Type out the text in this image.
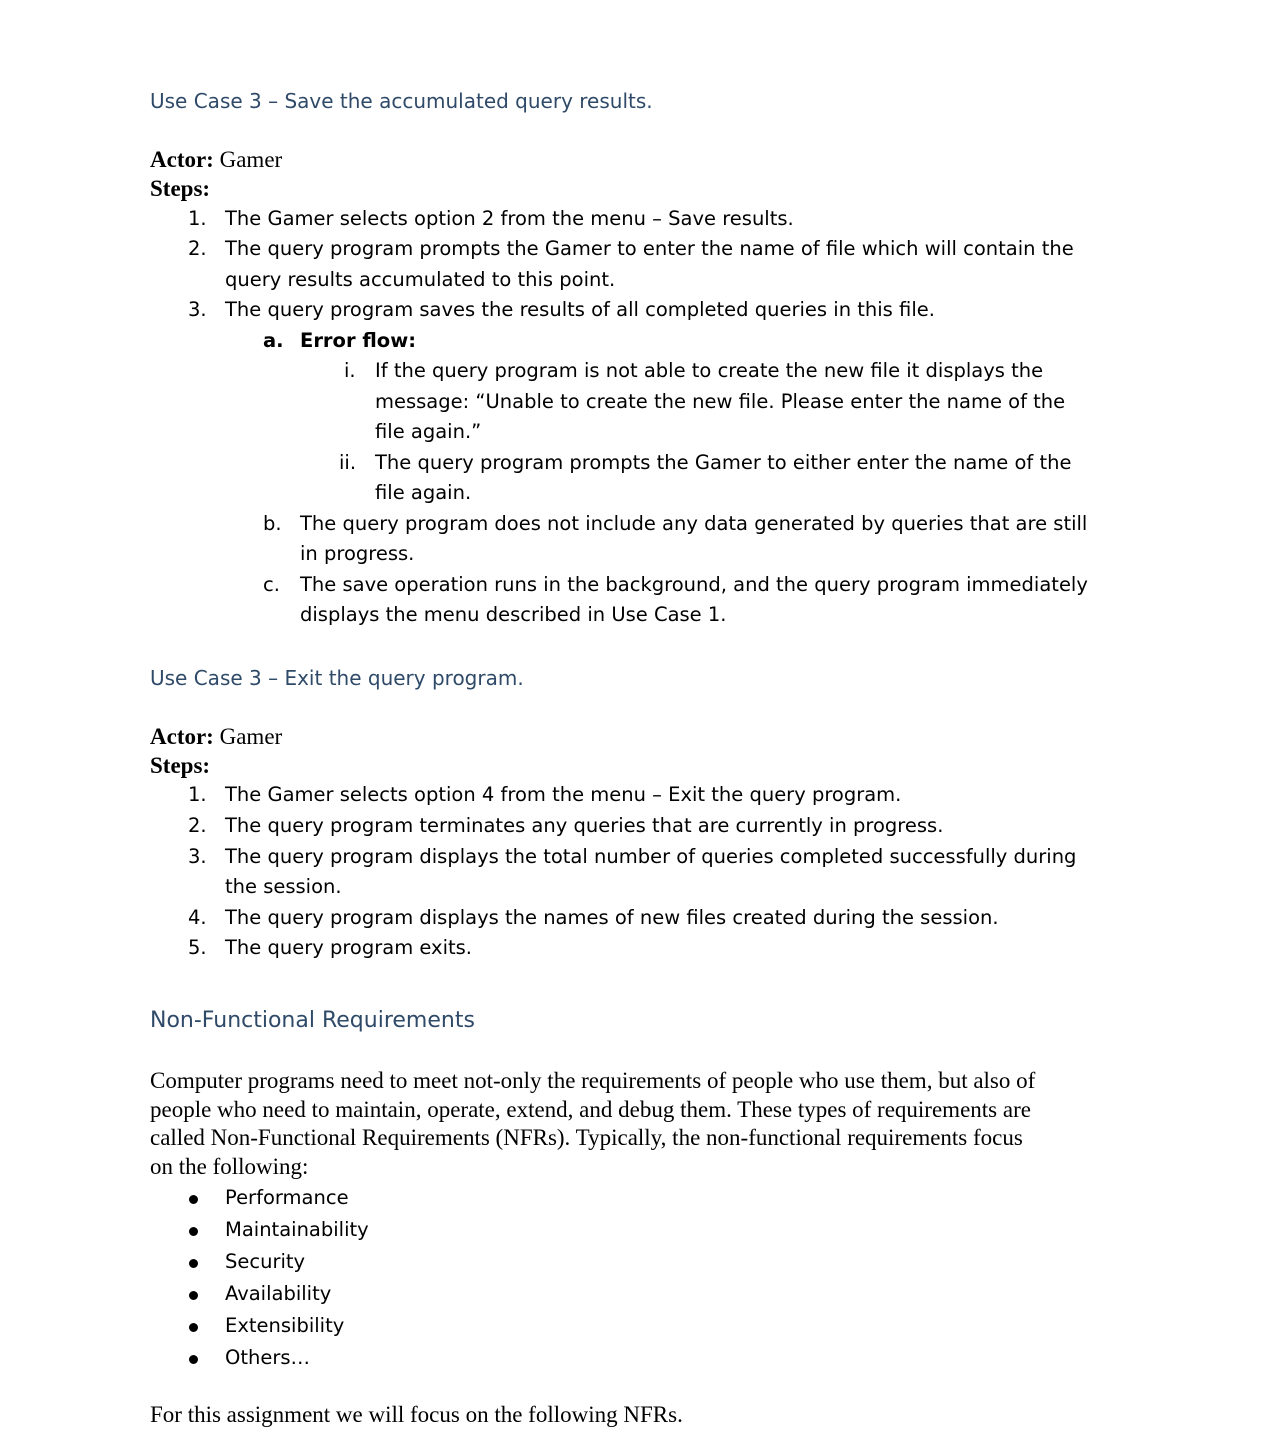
Use Case 3 – Save the accumulated query results.
Actor: Gamer
Steps:
1. The Gamer selects option 2 from the menu – Save results.
2. The query program prompts the Gamer to enter the name of file which will contain the
query results accumulated to this point.
3. The query program saves the results of all completed queries in this file.
a. Error flow:
i. If the query program is not able to create the new file it displays the
message: “Unable to create the new file. Please enter the name of the
file again.”
ii. The query program prompts the Gamer to either enter the name of the
file again.
b. The query program does not include any data generated by queries that are still
in progress.
c. The save operation runs in the background, and the query program immediately
displays the menu described in Use Case 1.
Use Case 3 – Exit the query program.
Actor: Gamer
Steps:
1. The Gamer selects option 4 from the menu – Exit the query program.
2. The query program terminates any queries that are currently in progress.
3. The query program displays the total number of queries completed successfully during
the session.
4. The query program displays the names of new files created during the session.
5. The query program exits.
Non-Functional Requirements
Computer programs need to meet not-only the requirements of people who use them, but also of
people who need to maintain, operate, extend, and debug them. These types of requirements are
called Non-Functional Requirements (NFRs). Typically, the non-functional requirements focus
on the following:
Performance
Maintainability
Security
Availability
Extensibility
Others…
For this assignment we will focus on the following NFRs.
